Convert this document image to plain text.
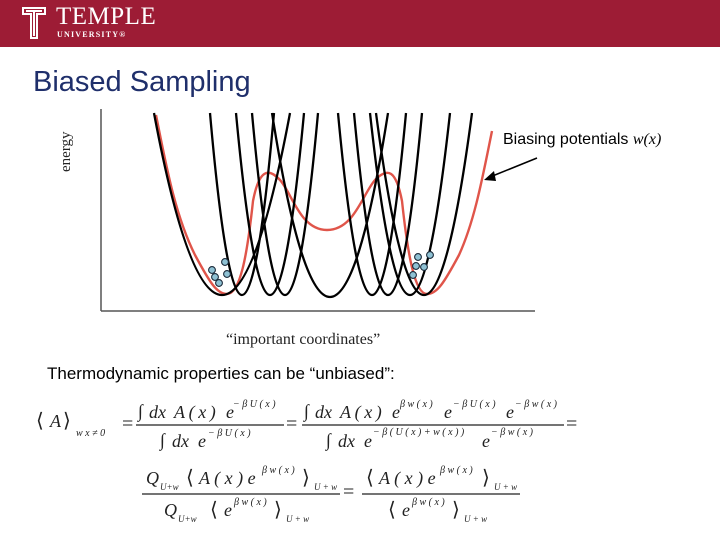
TEMPLE
UNIVERSITY®
Biased Sampling
Biasing potentials w(x)
energy
“important coordinates”
Thermodynamic properties can be “unbiased”:
⟨ A ⟩
w x ≠ 0 =
∫ dx A ( x ) e − β U ( x )
∫ dx e − β U ( x ) =
∫ dx A ( x ) e β w ( x ) e − β U ( x ) e − β w ( x )
∫ dx e − β ( U ( x ) + w ( x ) ) e − β w ( x ) =
Q U+w ⟨ A ( x ) e β w ( x ) ⟩ U + w
Q U+w ⟨ e β w ( x ) ⟩ U + w
=
⟨ A ( x ) e β w ( x ) ⟩ U + w
⟨ e β w ( x ) ⟩ U + w
